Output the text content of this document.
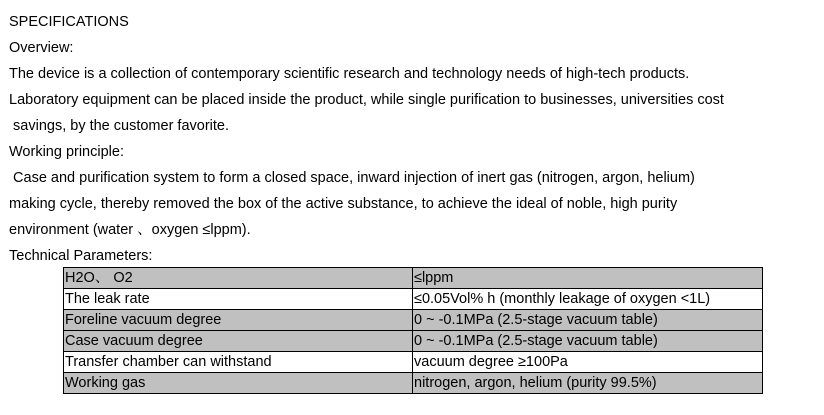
SPECIFICATIONS
Overview:
The device is a collection of contemporary scientific research and technology needs of high-tech products.
Laboratory equipment can be placed inside the product, while single purification to businesses, universities cost
savings, by the customer favorite.
Working principle:
Case and purification system to form a closed space, inward injection of inert gas (nitrogen, argon, helium)
making cycle, thereby removed the box of the active substance, to achieve the ideal of noble, high purity
environment (water 、oxygen ≤lppm).
Technical Parameters:
H2O、 O2	≤lppm
The leak rate	≤0.05Vol% h (monthly leakage of oxygen <1L)
Foreline vacuum degree	0 ~ -0.1MPa (2.5-stage vacuum table)
Case vacuum degree	0 ~ -0.1MPa (2.5-stage vacuum table)
Transfer chamber can withstand	vacuum degree ≥100Pa
Working gas	nitrogen, argon, helium (purity 99.5%)
